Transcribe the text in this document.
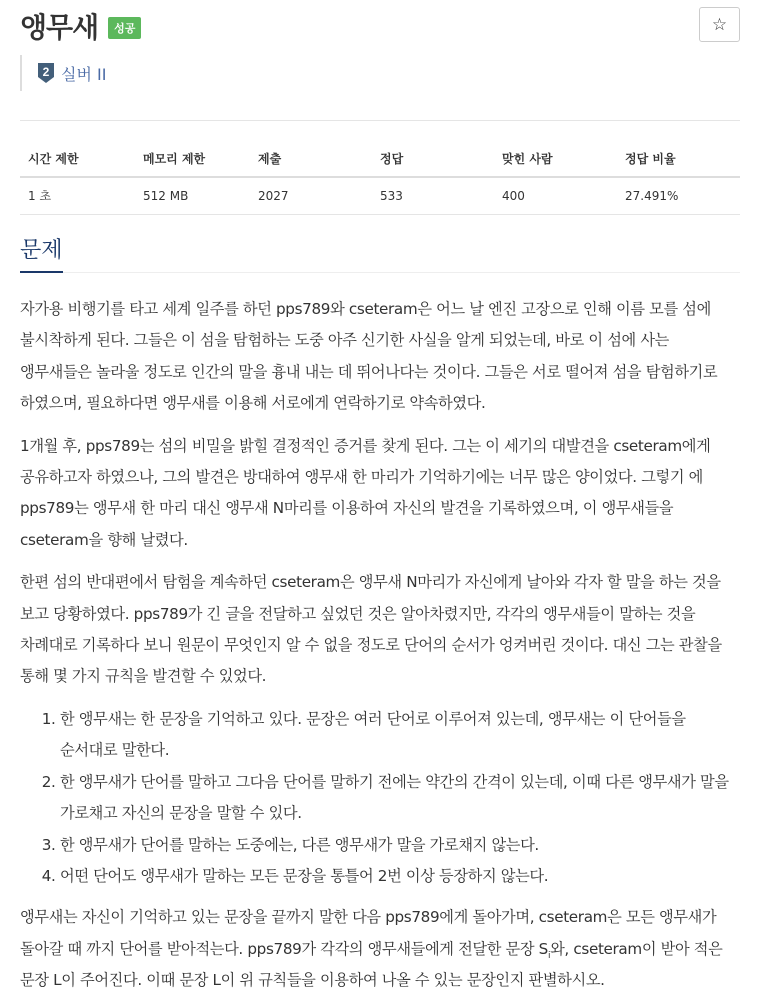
앵무새	성공	☆
2 실버 II
시간 제한	메모리 제한	제출	정답	맞힌 사람	정답 비율
1 초	512 MB	2027	533	400	27.491%
문제

자가용 비행기를 타고 세계 일주를 하던 pps789와 cseteram은 어느 날 엔진 고장으로 인해 이름 모를 섬에 불시착하게 된다. 그들은 이 섬을 탐험하는 도중 아주 신기한 사실을 알게 되었는데, 바로 이 섬에 사는 앵무새들은 놀라울 정도로 인간의 말을 흉내 내는 데 뛰어나다는 것이다. 그들은 서로 떨어져 섬을 탐험하기로 하였으며, 필요하다면 앵무새를 이용해 서로에게 연락하기로 약속하였다.

1개월 후, pps789는 섬의 비밀을 밝힐 결정적인 증거를 찾게 된다. 그는 이 세기의 대발견을 cseteram에게 공유하고자 하였으나, 그의 발견은 방대하여 앵무새 한 마리가 기억하기에는 너무 많은 양이었다. 그렇기 에 pps789는 앵무새 한 마리 대신 앵무새 N마리를 이용하여 자신의 발견을 기록하였으며, 이 앵무새들을 cseteram을 향해 날렸다.

한편 섬의 반대편에서 탐험을 계속하던 cseteram은 앵무새 N마리가 자신에게 날아와 각자 할 말을 하는 것을 보고 당황하였다. pps789가 긴 글을 전달하고 싶었던 것은 알아차렸지만, 각각의 앵무새들이 말하는 것을 차례대로 기록하다 보니 원문이 무엇인지 알 수 없을 정도로 단어의 순서가 엉켜버린 것이다. 대신 그는 관찰을 통해 몇 가지 규칙을 발견할 수 있었다.

1. 한 앵무새는 한 문장을 기억하고 있다. 문장은 여러 단어로 이루어져 있는데, 앵무새는 이 단어들을 순서대로 말한다.
2. 한 앵무새가 단어를 말하고 그다음 단어를 말하기 전에는 약간의 간격이 있는데, 이때 다른 앵무새가 말을 가로채고 자신의 문장을 말할 수 있다.
3. 한 앵무새가 단어를 말하는 도중에는, 다른 앵무새가 말을 가로채지 않는다.
4. 어떤 단어도 앵무새가 말하는 모든 문장을 통틀어 2번 이상 등장하지 않는다.

앵무새는 자신이 기억하고 있는 문장을 끝까지 말한 다음 pps789에게 돌아가며, cseteram은 모든 앵무새가 돌아갈 때 까지 단어를 받아적는다. pps789가 각각의 앵무새들에게 전달한 문장 $S_i$와, cseteram이 받아 적은 문장 L이 주어진다. 이때 문장 L이 위 규칙들을 이용하여 나올 수 있는 문장인지 판별하시오.
